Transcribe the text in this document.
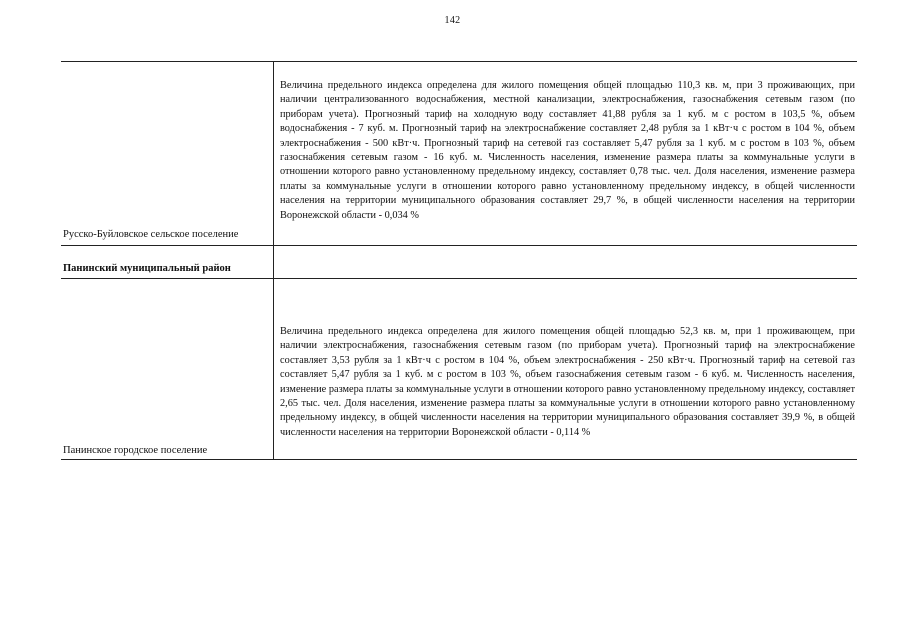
142
Русско-Буйловское сельское поселение
Величина предельного индекса определена для жилого помещения общей площадью 110,3 кв. м, при 3 проживающих, при наличии централизованного водоснабжения, местной канализации, электроснабжения, газоснабжения сетевым газом (по приборам учета). Прогнозный тариф на холодную воду составляет 41,88 рубля за 1 куб. м с ростом в 103,5 %, объем водоснабжения - 7 куб. м. Прогнозный тариф на электроснабжение составляет 2,48 рубля за 1 кВт·ч с ростом в 104 %, объем электроснабжения - 500 кВт·ч. Прогнозный тариф на сетевой газ составляет 5,47 рубля за 1 куб. м с ростом в 103 %, объем газоснабжения сетевым газом - 16 куб. м. Численность населения, изменение размера платы за коммунальные услуги в отношении которого равно установленному предельному индексу, составляет 0,78 тыс. чел. Доля населения, изменение размера платы за коммунальные услуги в отношении которого равно установленному предельному индексу, в общей численности населения на территории муниципального образования составляет 29,7 %, в общей численности населения на территории Воронежской области - 0,034 %
Панинский муниципальный район
Панинское городское поселение
Величина предельного индекса определена для жилого помещения общей площадью 52,3 кв. м, при 1 проживающем, при наличии электроснабжения, газоснабжения сетевым газом (по приборам учета). Прогнозный тариф на электроснабжение составляет 3,53 рубля за 1 кВт·ч с ростом в 104 %, объем электроснабжения - 250 кВт·ч. Прогнозный тариф на сетевой газ составляет 5,47 рубля за 1 куб. м с ростом в 103 %, объем газоснабжения сетевым газом - 6 куб. м. Численность населения, изменение размера платы за коммунальные услуги в отношении которого равно установленному предельному индексу, составляет 2,65 тыс. чел. Доля населения, изменение размера платы за коммунальные услуги в отношении которого равно установленному предельному индексу, в общей численности населения на территории муниципального образования составляет 39,9 %, в общей численности населения на территории Воронежской области - 0,114 %
